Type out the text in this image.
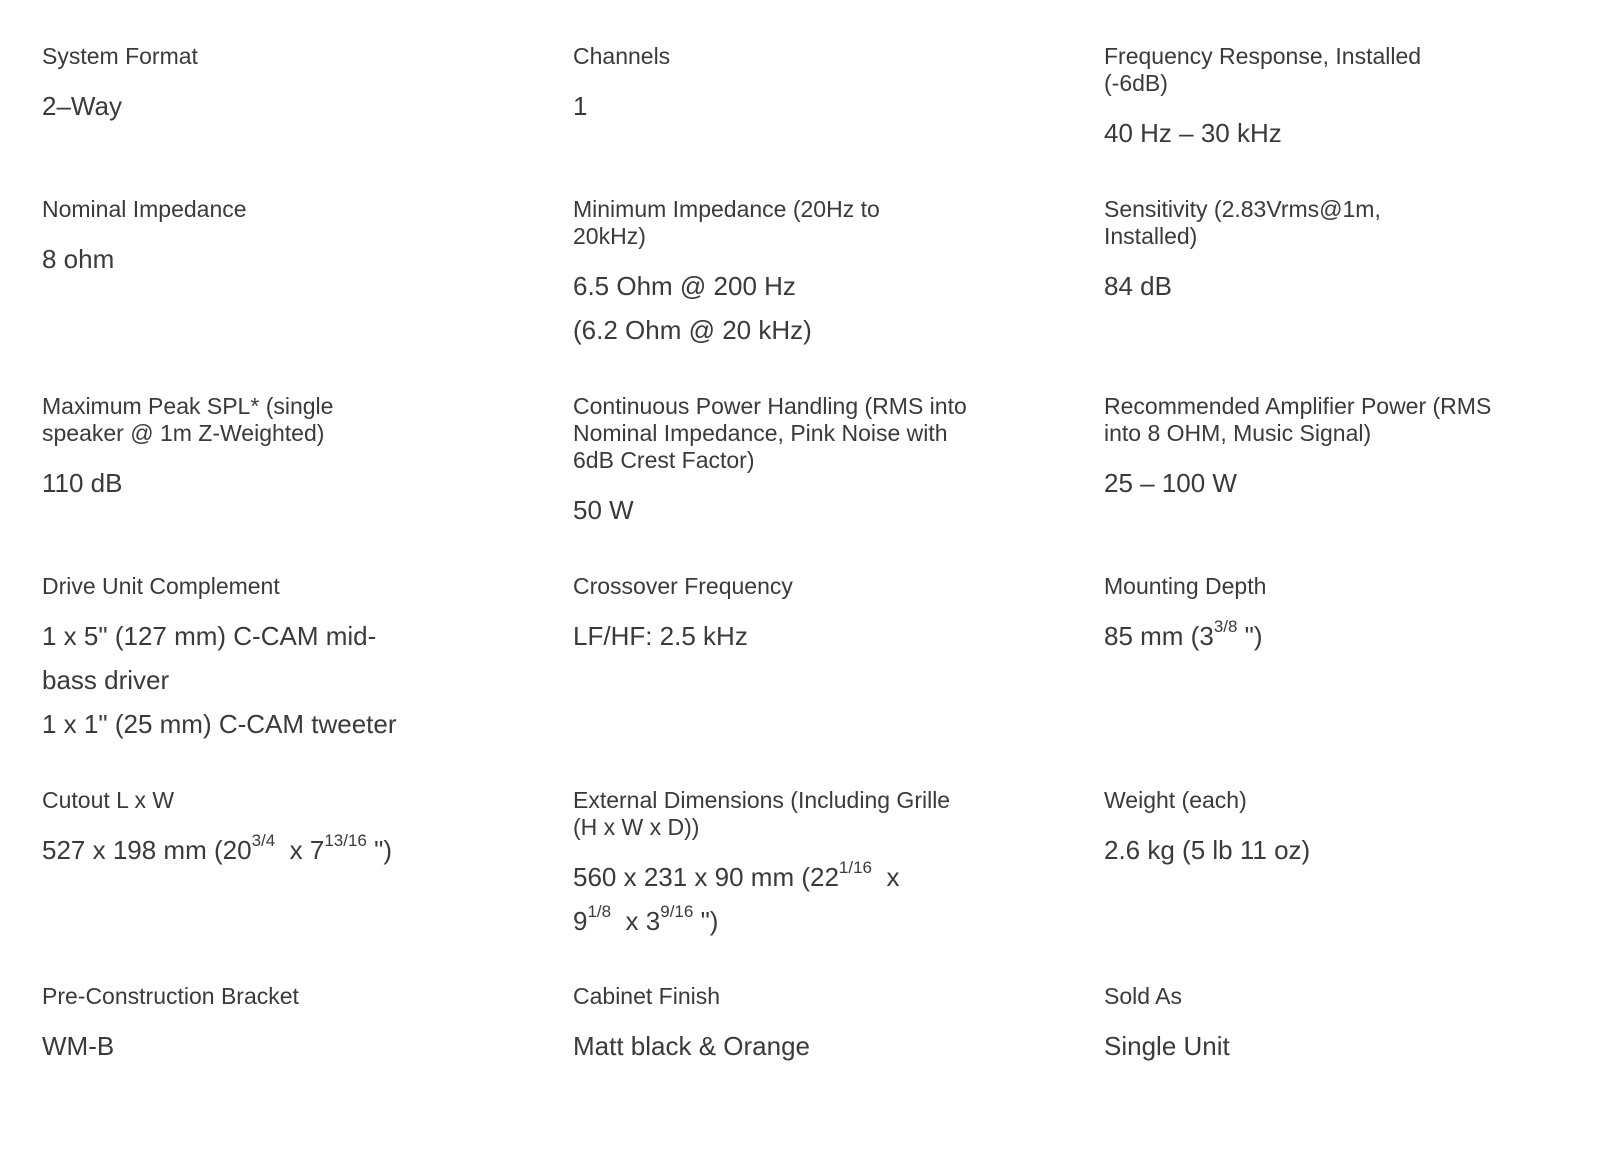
System Format
2–Way
Channels
1
Frequency Response, Installed (-6dB)
40 Hz – 30 kHz
Nominal Impedance
8 ohm
Minimum Impedance (20Hz to 20kHz)
6.5 Ohm @ 200 Hz
(6.2 Ohm @ 20 kHz)
Sensitivity (2.83Vrms@1m, Installed)
84 dB
Maximum Peak SPL* (single speaker @ 1m Z-Weighted)
110 dB
Continuous Power Handling (RMS into Nominal Impedance, Pink Noise with 6dB Crest Factor)
50 W
Recommended Amplifier Power (RMS into 8 OHM, Music Signal)
25 – 100 W
Drive Unit Complement
1 x 5" (127 mm) C-CAM mid-
bass driver
1 x 1" (25 mm) C-CAM tweeter
Crossover Frequency
LF/HF: 2.5 kHz
Mounting Depth
85 mm ($3^{3/8}$ ")
Cutout L x W
527 x 198 mm ($20^{3/4}$  x $7^{13/16}$ ")
External Dimensions (Including Grille (H x W x D))
560 x 231 x 90 mm ($22^{1/16}$  x
$9^{1/8}$  x $3^{9/16}$ ")
Weight (each)
2.6 kg (5 lb 11 oz)
Pre-Construction Bracket
WM-B
Cabinet Finish
Matt black & Orange
Sold As
Single Unit
